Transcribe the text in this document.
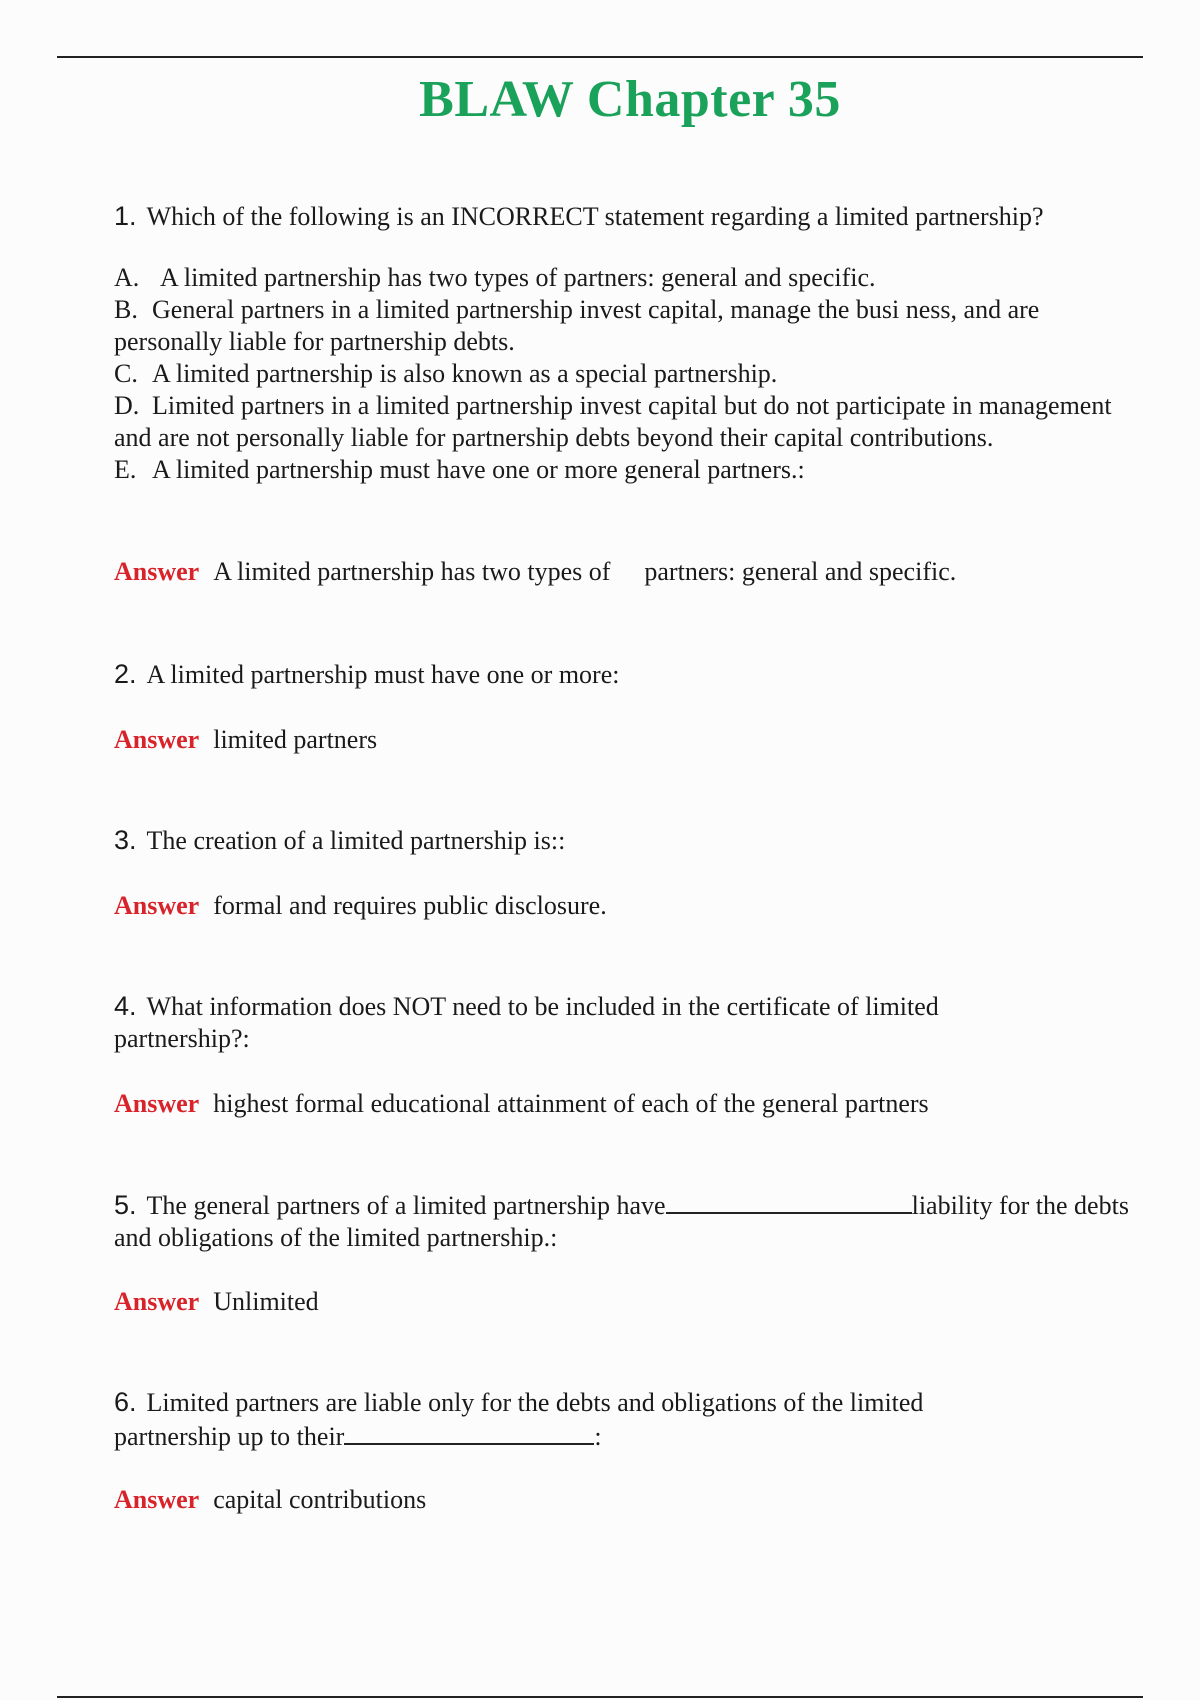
BLAW Chapter 35
1. Which of the following is an INCORRECT statement regarding a limited partnership?

A. A limited partnership has two types of partners: general and specific.

B. General partners in a limited partnership invest capital, manage the busi ness, and are personally liable for partnership debts.

C. A limited partnership is also known as a special partnership.

D. Limited partners in a limited partnership invest capital but do not participate in management and are not personally liable for partnership debts beyond their capital contributions.

E. A limited partnership must have one or more general partners.:

Answer A limited partnership has two types of partners: general and specific.
2. A limited partnership must have one or more:
Answer limited partners
3. The creation of a limited partnership is::
Answer formal and requires public disclosure.
4. What information does NOT need to be included in the certificate of limited partnership?:
Answer highest formal educational attainment of each of the general partners
5. The general partners of a limited partnership have	liability for the debts and obligations of the limited partnership.:
Answer Unlimited
6. Limited partners are liable only for the debts and obligations of the limited partnership up to their	:
Answer capital contributions
